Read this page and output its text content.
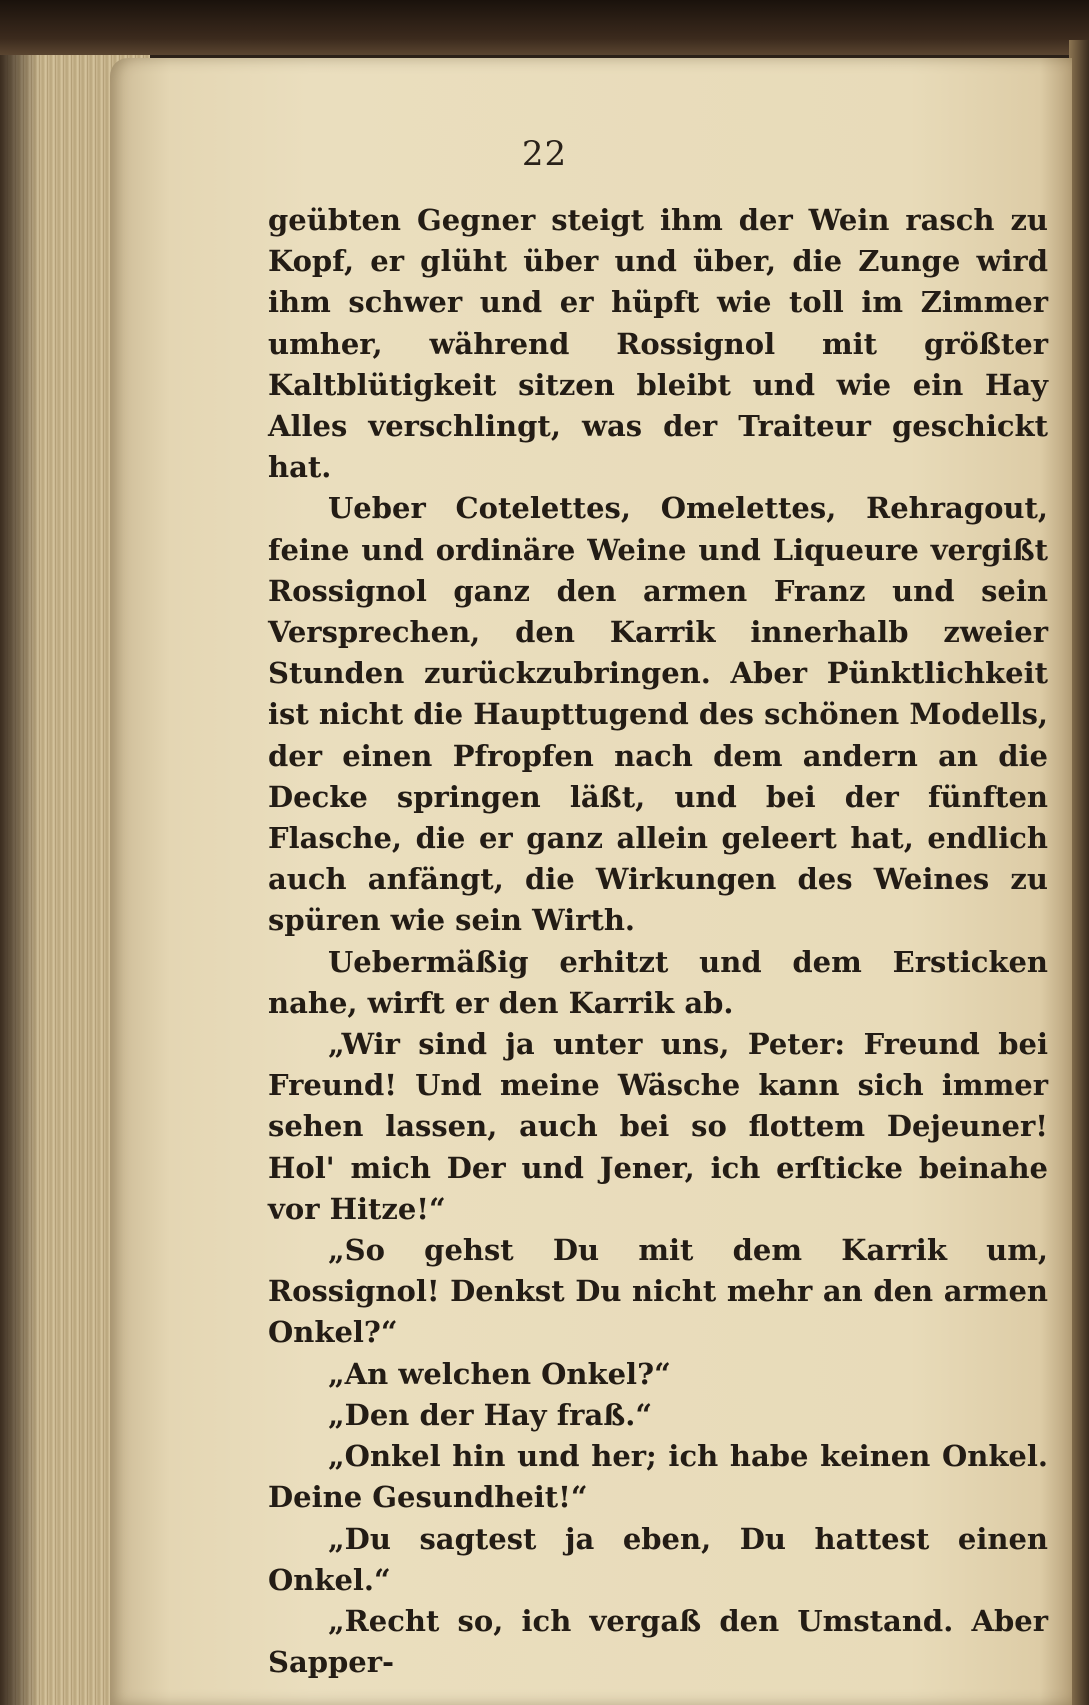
22

geübten Gegner steigt ihm der Wein rasch zu Kopf, er glüht über und über, die Zunge wird ihm schwer und er hüpft wie toll im Zimmer umher, während Rossignol mit größter Kaltblütigkeit sitzen bleibt und wie ein Hay Alles verschlingt, was der Traiteur geschickt hat.

Ueber Cotelettes, Omelettes, Rehragout, feine und ordinäre Weine und Liqueure vergißt Rossignol ganz den armen Franz und sein Versprechen, den Karrik innerhalb zweier Stunden zurückzubringen. Aber Pünktlichkeit ist nicht die Haupttugend des schönen Modells, der einen Pfropfen nach dem andern an die Decke springen läßt, und bei der fünften Flasche, die er ganz allein geleert hat, endlich auch anfängt, die Wirkungen des Weines zu spüren wie sein Wirth.

Uebermäßig erhitzt und dem Ersticken nahe, wirft er den Karrik ab.

„Wir sind ja unter uns, Peter: Freund bei Freund! Und meine Wäsche kann sich immer sehen lassen, auch bei so flottem Dejeuner! Hol' mich Der und Jener, ich erſticke beinahe vor Hitze!“

„So gehst Du mit dem Karrik um, Rossignol! Denkst Du nicht mehr an den armen Onkel?“

„An welchen Onkel?“

„Den der Hay fraß.“

„Onkel hin und her; ich habe keinen Onkel. Deine Gesundheit!“

„Du sagtest ja eben, Du hattest einen Onkel.“

„Recht so, ich vergaß den Umstand. Aber Sapper-
